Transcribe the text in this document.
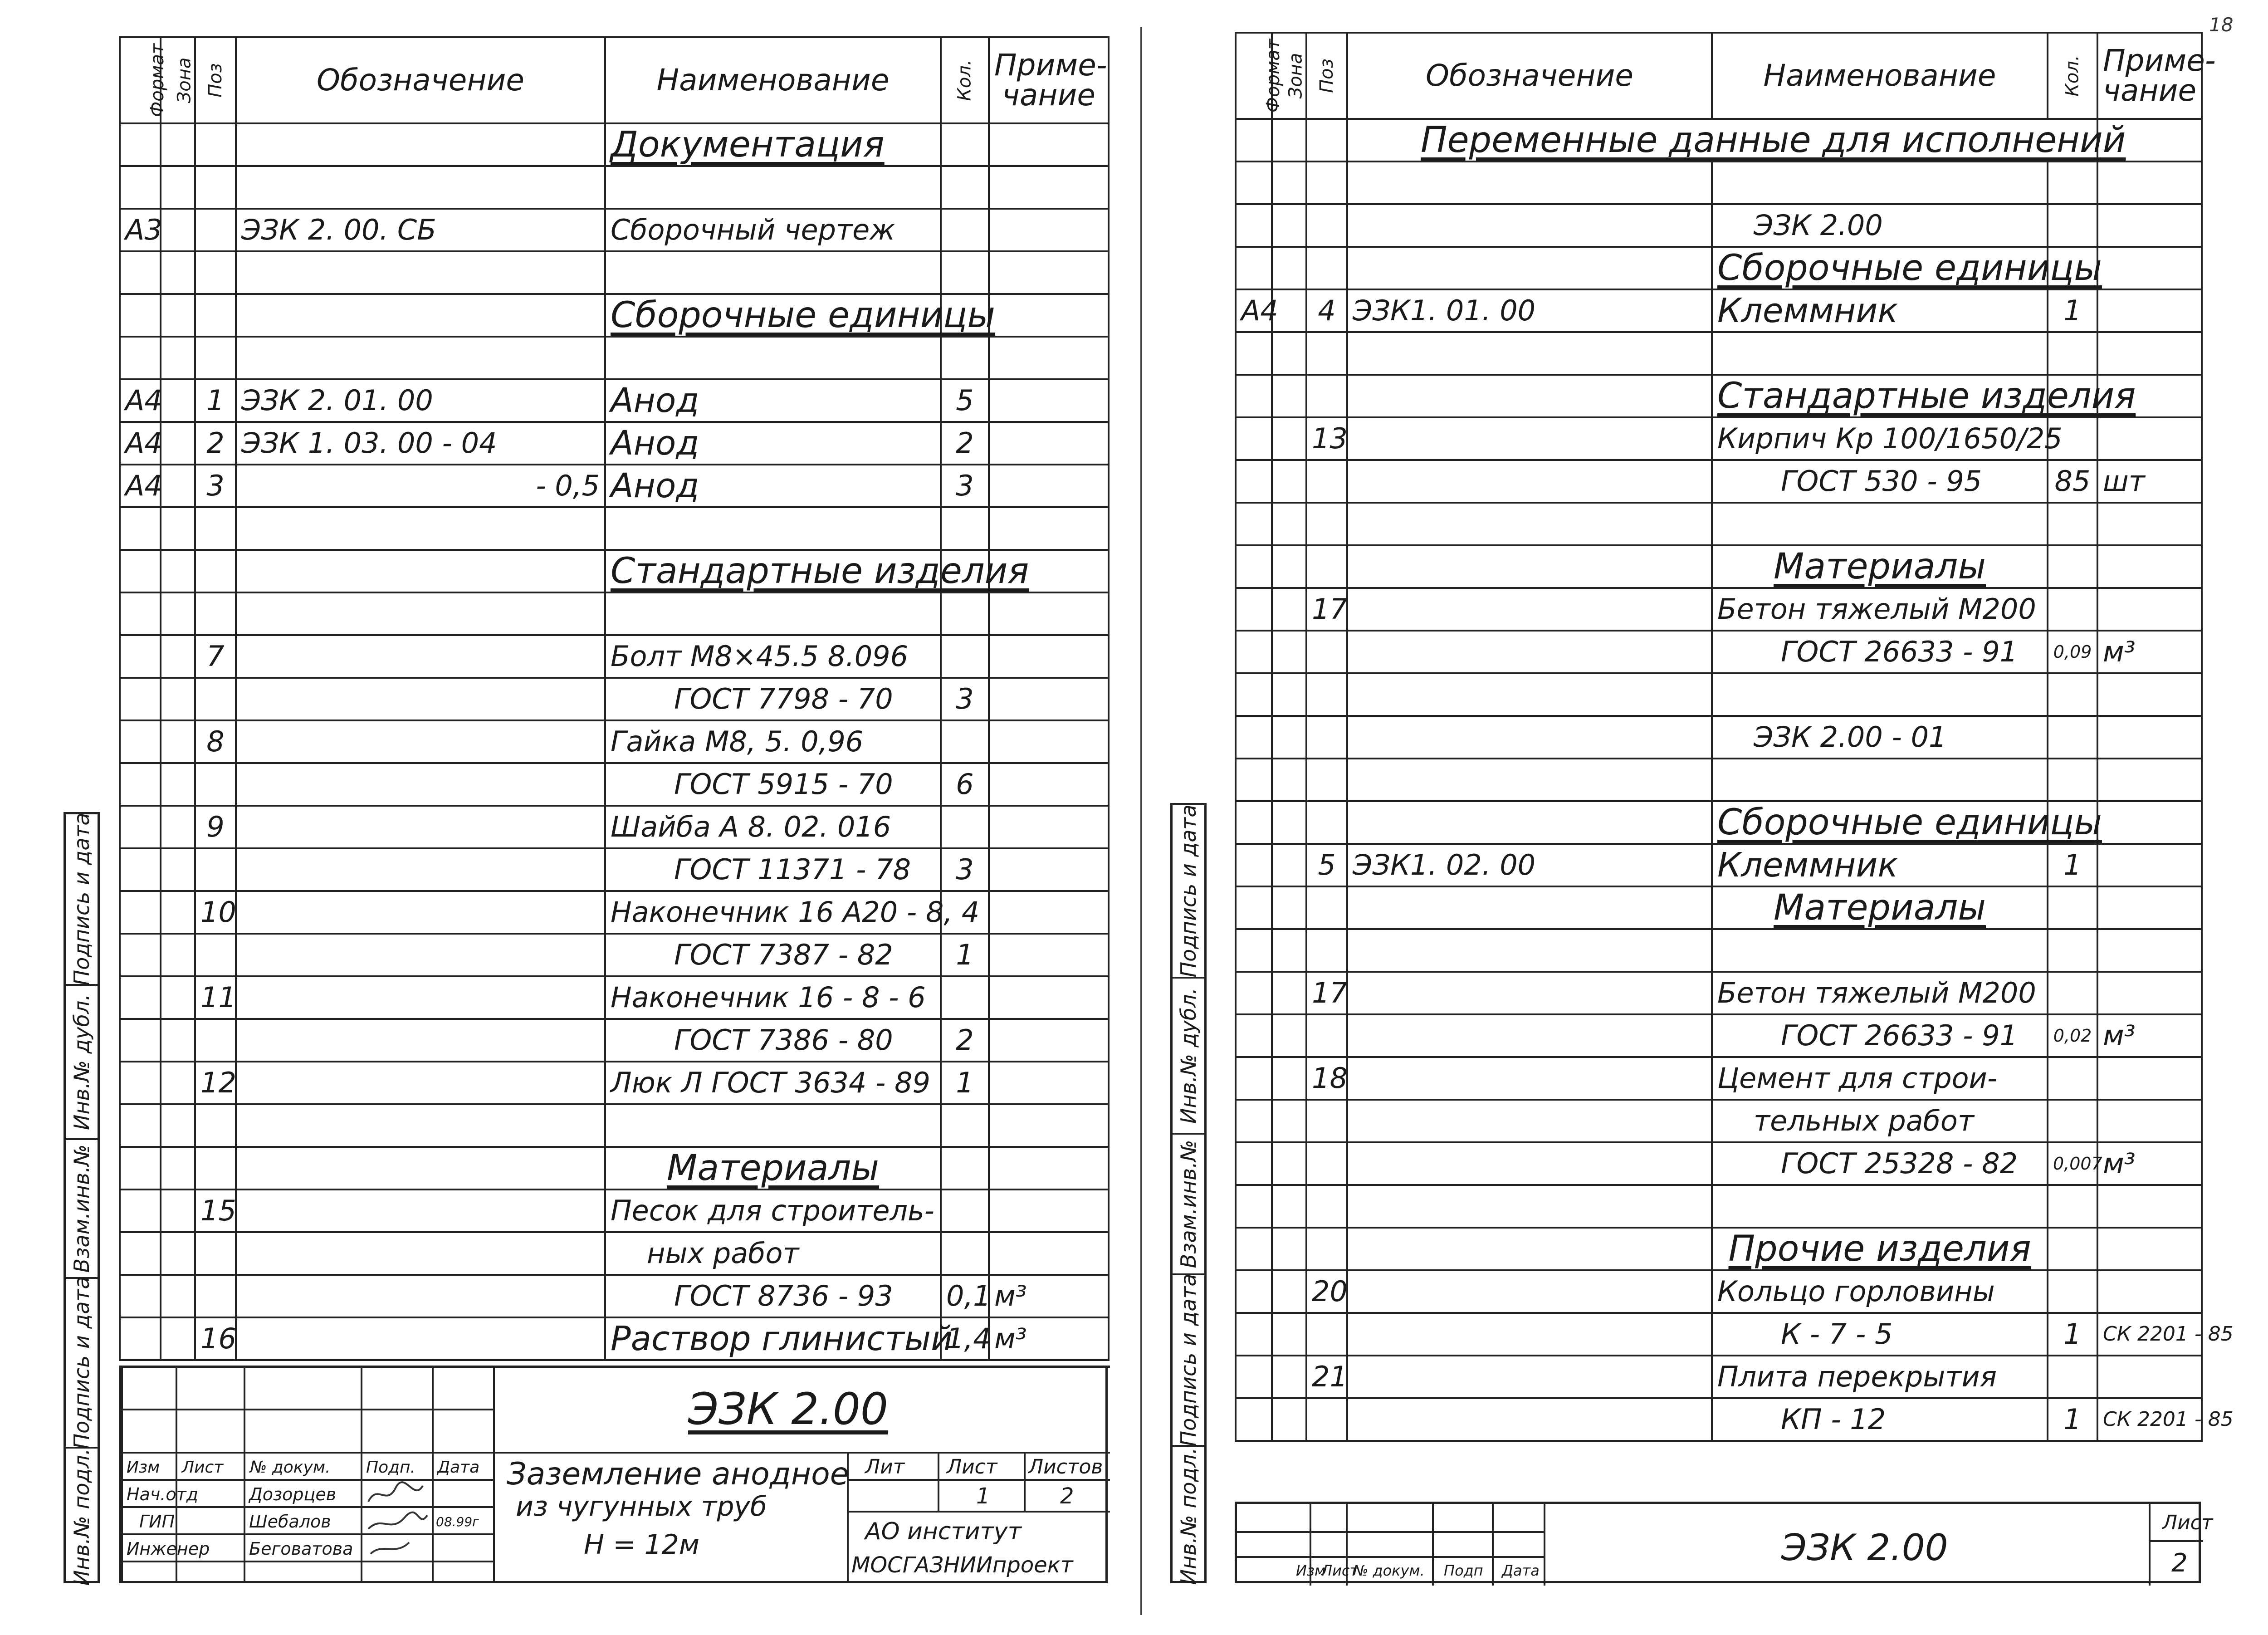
Инв.№ подл.
Подпись и дата
Взам.инв.№
Инв.№ дубл.
Подпись и дата
Формат	Зона	Поз	Обозначение	Наименование	Кол.	Приме-
чание

				Документация		

А3			ЭЗК 2. 00. СБ	Сборочный чертеж		

				Сборочные единицы		

А4		1	ЭЗК 2. 01. 00	Анод	5	
А4		2	ЭЗК 1. 03. 00 - 04	Анод	2	
А4		3	- 0,5	Анод	3	

				Стандартные изделия		

		7		Болт М8×45.5 8.096		
				ГОСТ 7798 - 70	3	
		8		Гайка М8, 5. 0,96		
				ГОСТ 5915 - 70	6	
		9		Шайба А 8. 02. 016		
				ГОСТ 11371 - 78	3	
		10		Наконечник 16 А20 - 8, 4		
				ГОСТ 7387 - 82	1	
		11		Наконечник 16 - 8 - 6		
				ГОСТ 7386 - 80	2	
		12		Люк Л ГОСТ 3634 - 89	1	

				Материалы		
		15		Песок для строитель-		
				ных работ		
				ГОСТ 8736 - 93	0,1	м³
		16		Раствор глинистый	1,4	м³
ЭЗК 2.00
Изм Лист № докум. Подп. Дата
Нач.отд	Дозорцев
ГИП	Шебалов	08.99г
Инженер Беговатова
Заземление анодное
из чугунных труб
Н = 12м
Лит Лист Листов
1	2
АО институт
МОСГАЗНИИпроект
18
Инв.№ подл.
Подпись и дата
Взам.инв.№
Инв.№ дубл.
Подпись и дата
Формат	Зона	Поз	Обозначение	Наименование	Кол.	Приме-
чание

			Переменные данные для исполнений			

				ЭЗК 2.00		
				Сборочные единицы		
А4		4	ЭЗК1. 01. 00	Клеммник	1	

				Стандартные изделия		
		13		Кирпич Кр 100/1650/25		
				ГОСТ 530 - 95	85	шт

				Материалы		
		17		Бетон тяжелый М200		
				ГОСТ 26633 - 91	0,09	м³

				ЭЗК 2.00 - 01		

				Сборочные единицы		
		5	ЭЗК1. 02. 00	Клеммник	1	
				Материалы		

		17		Бетон тяжелый М200		
				ГОСТ 26633 - 91	0,02	м³
		18		Цемент для строи-		
				тельных работ		
				ГОСТ 25328 - 82	0,007	м³

				Прочие изделия		
		20		Кольцо горловины		
				К - 7 - 5	1	СК 2201 - 85
		21		Плита перекрытия		
				КП - 12	1	СК 2201 - 85
Изм
Лист
№ докум. Подп Дата
ЭЗК 2.00
Лист
2
